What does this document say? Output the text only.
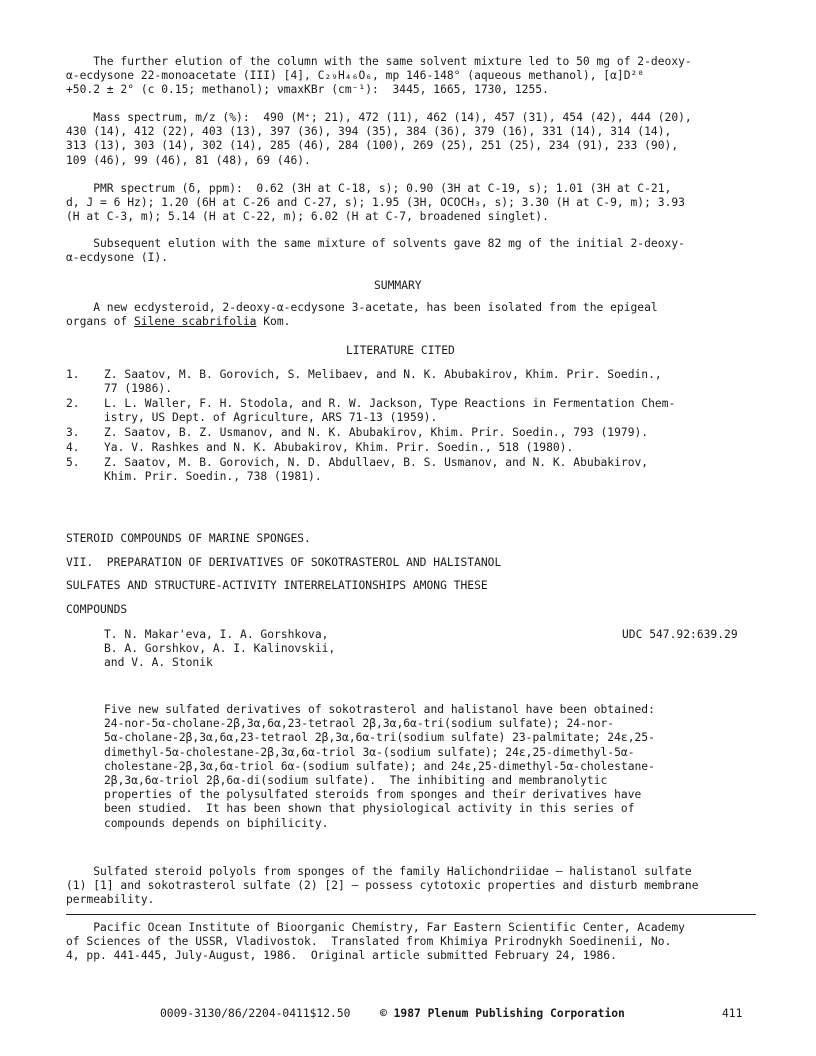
The further elution of the column with the same solvent mixture led to 50 mg of 2-deoxy-
α-ecdysone 22-monoacetate (III) [4], C₂₉H₄₆O₆, mp 146-148° (aqueous methanol), [α]D²⁰
+50.2 ± 2° (c 0.15; methanol); νmaxKBr (cm⁻¹):  3445, 1665, 1730, 1255.
Mass spectrum, m/z (%):  490 (M⁺; 21), 472 (11), 462 (14), 457 (31), 454 (42), 444 (20),
430 (14), 412 (22), 403 (13), 397 (36), 394 (35), 384 (36), 379 (16), 331 (14), 314 (14),
313 (13), 303 (14), 302 (14), 285 (46), 284 (100), 269 (25), 251 (25), 234 (91), 233 (90),
109 (46), 99 (46), 81 (48), 69 (46).
PMR spectrum (δ, ppm):  0.62 (3H at C-18, s); 0.90 (3H at C-19, s); 1.01 (3H at C-21,
d, J = 6 Hz); 1.20 (6H at C-26 and C-27, s); 1.95 (3H, OCOCH₃, s); 3.30 (H at C-9, m); 3.93
(H at C-3, m); 5.14 (H at C-22, m); 6.02 (H at C-7, broadened singlet).
Subsequent elution with the same mixture of solvents gave 82 mg of the initial 2-deoxy-
α-ecdysone (I).
SUMMARY
A new ecdysteroid, 2-deoxy-α-ecdysone 3-acetate, has been isolated from the epigeal
organs of Silene scabrifolia Kom.
LITERATURE CITED
1. Z. Saatov, M. B. Gorovich, S. Melibaev, and N. K. Abubakirov, Khim. Prir. Soedin.,
77 (1986).
2. L. L. Waller, F. H. Stodola, and R. W. Jackson, Type Reactions in Fermentation Chem-
istry, US Dept. of Agriculture, ARS 71-13 (1959).
3. Z. Saatov, B. Z. Usmanov, and N. K. Abubakirov, Khim. Prir. Soedin., 793 (1979).
4. Ya. V. Rashkes and N. K. Abubakirov, Khim. Prir. Soedin., 518 (1980).
5. Z. Saatov, M. B. Gorovich, N. D. Abdullaev, B. S. Usmanov, and N. K. Abubakirov,
Khim. Prir. Soedin., 738 (1981).
STEROID COMPOUNDS OF MARINE SPONGES.
VII.  PREPARATION OF DERIVATIVES OF SOKOTRASTEROL AND HALISTANOL
SULFATES AND STRUCTURE-ACTIVITY INTERRELATIONSHIPS AMONG THESE
COMPOUNDS
T. N. Makar'eva, I. A. Gorshkova,
B. A. Gorshkov, A. I. Kalinovskii,
and V. A. Stonik
UDC 547.92:639.29
Five new sulfated derivatives of sokotrasterol and halistanol have been obtained:
24-nor-5α-cholane-2β,3α,6α,23-tetraol 2β,3α,6α-tri(sodium sulfate); 24-nor-
5α-cholane-2β,3α,6α,23-tetraol 2β,3α,6α-tri(sodium sulfate) 23-palmitate; 24ε,25-
dimethyl-5α-cholestane-2β,3α,6α-triol 3α-(sodium sulfate); 24ε,25-dimethyl-5α-
cholestane-2β,3α,6α-triol 6α-(sodium sulfate); and 24ε,25-dimethyl-5α-cholestane-
2β,3α,6α-triol 2β,6α-di(sodium sulfate).  The inhibiting and membranolytic
properties of the polysulfated steroids from sponges and their derivatives have
been studied.  It has been shown that physiological activity in this series of
compounds depends on biphilicity.
Sulfated steroid polyols from sponges of the family Halichondriidae — halistanol sulfate
(1) [1] and sokotrasterol sulfate (2) [2] — possess cytotoxic properties and disturb membrane
permeability.
Pacific Ocean Institute of Bioorganic Chemistry, Far Eastern Scientific Center, Academy
of Sciences of the USSR, Vladivostok.  Translated from Khimiya Prirodnykh Soedinenii, No.
4, pp. 441-445, July-August, 1986.  Original article submitted February 24, 1986.
0009-3130/86/2204-0411$12.50	© 1987 Plenum Publishing Corporation	411
